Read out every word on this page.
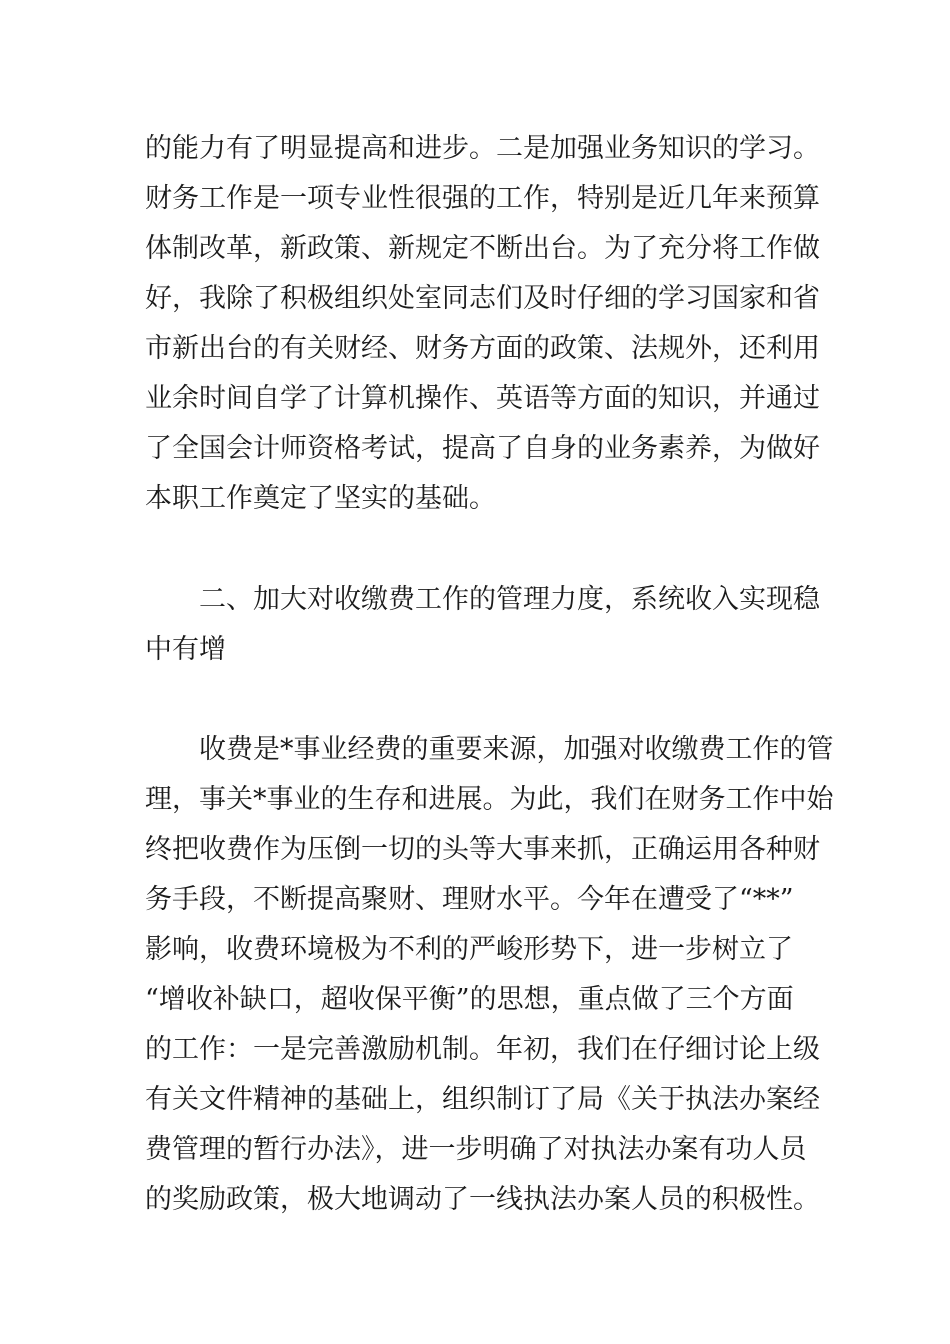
的能力有了明显提高和进步。二是加强业务知识的学习。
财务工作是一项专业性很强的工作，特别是近几年来预算
体制改革，新政策、新规定不断出台。为了充分将工作做
好，我除了积极组织处室同志们及时仔细的学习国家和省
市新出台的有关财经、财务方面的政策、法规外，还利用
业余时间自学了计算机操作、英语等方面的知识，并通过
了全国会计师资格考试，提高了自身的业务素养，为做好
本职工作奠定了坚实的基础。
二、加大对收缴费工作的管理力度，系统收入实现稳
中有增
收费是*事业经费的重要来源，加强对收缴费工作的管
理，事关*事业的生存和进展。为此，我们在财务工作中始
终把收费作为压倒一切的头等大事来抓，正确运用各种财
务手段，不断提高聚财、理财水平。今年在遭受了“**”
影响，收费环境极为不利的严峻形势下，进一步树立了
“增收补缺口，超收保平衡”的思想，重点做了三个方面
的工作：一是完善激励机制。年初，我们在仔细讨论上级
有关文件精神的基础上，组织制订了局《关于执法办案经
费管理的暂行办法》，进一步明确了对执法办案有功人员
的奖励政策，极大地调动了一线执法办案人员的积极性。
